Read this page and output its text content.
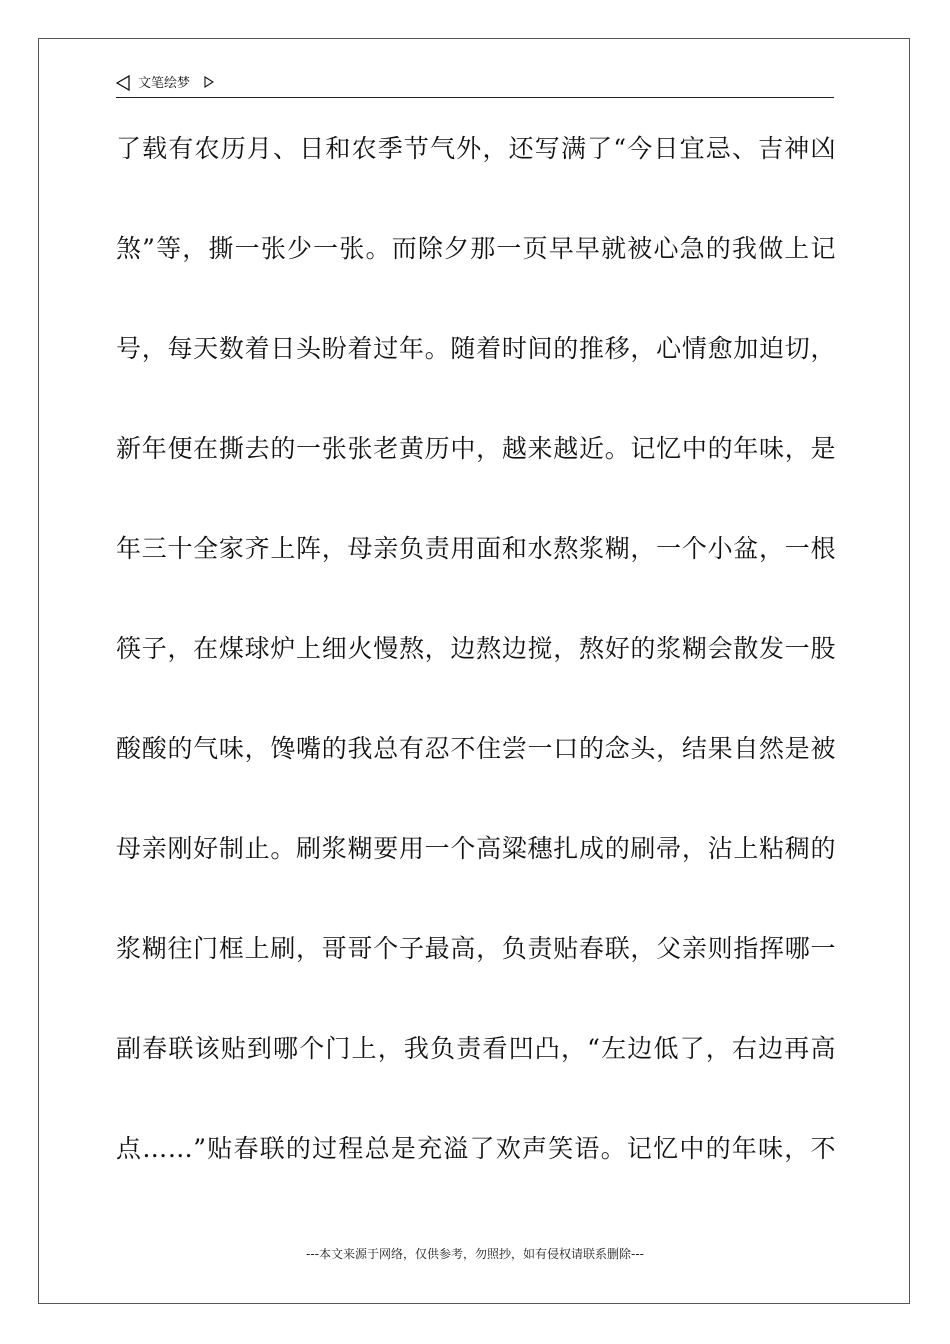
文笔绘梦
了载有农历月、日和农季节气外，还写满了“今日宜忌、吉神凶
煞”等，撕一张少一张。而除夕那一页早早就被心急的我做上记
号，每天数着日头盼着过年。随着时间的推移，心情愈加迫切，
新年便在撕去的一张张老黄历中，越来越近。记忆中的年味，是
年三十全家齐上阵，母亲负责用面和水熬浆糊，一个小盆，一根
筷子，在煤球炉上细火慢熬，边熬边搅，熬好的浆糊会散发一股
酸酸的气味，馋嘴的我总有忍不住尝一口的念头，结果自然是被
母亲刚好制止。刷浆糊要用一个高粱穗扎成的刷帚，沾上粘稠的
浆糊往门框上刷，哥哥个子最高，负责贴春联，父亲则指挥哪一
副春联该贴到哪个门上，我负责看凹凸，“左边低了，右边再高
点……”贴春联的过程总是充溢了欢声笑语。记忆中的年味，不
---本文来源于网络，仅供参考，勿照抄，如有侵权请联系删除---
